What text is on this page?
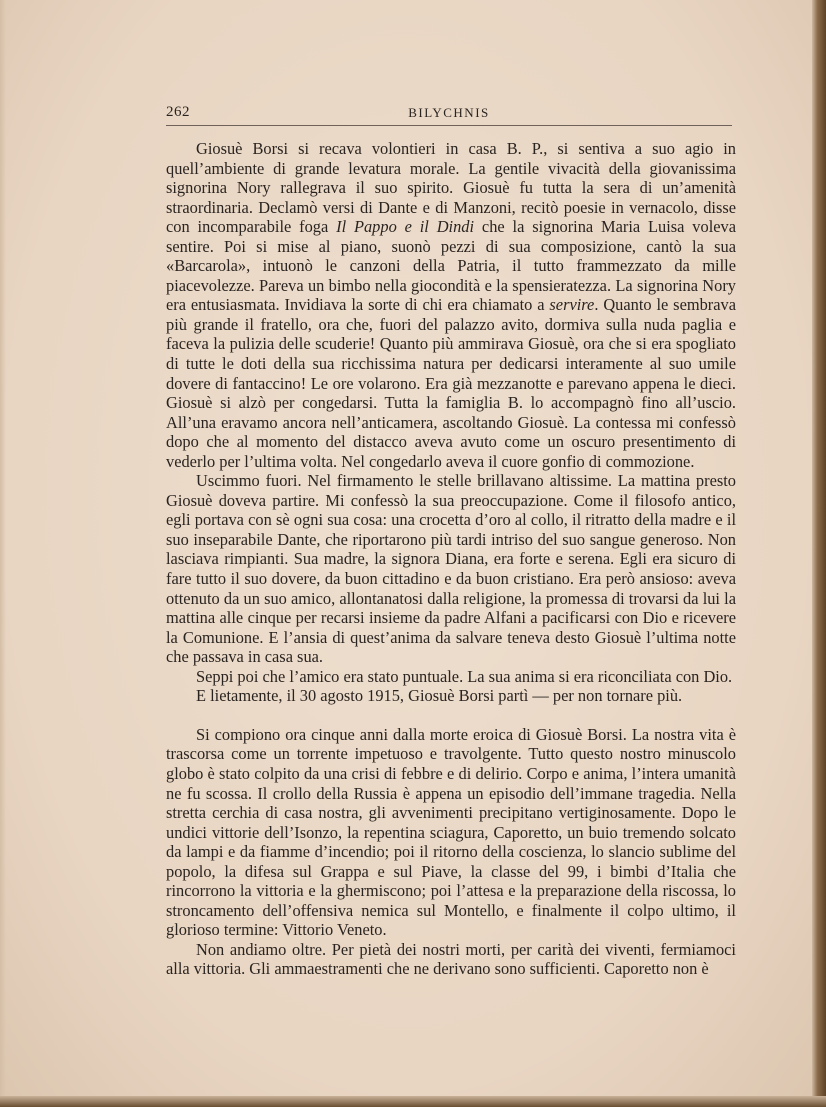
262	BILYCHNIS

Giosuè Borsi si recava volontieri in casa B. P., si sentiva a suo agio in quell’ambiente di grande levatura morale. La gentile vivacità della giovanissima signorina Nory rallegrava il suo spirito. Giosuè fu tutta la sera di un’amenità straordinaria. Declamò versi di Dante e di Manzoni, recitò poesie in vernacolo, disse con incomparabile foga Il Pappo e il Dindi che la signorina Maria Luisa voleva sentire. Poi si mise al piano, suonò pezzi di sua composizione, cantò la sua «Barcarola», intuonò le canzoni della Patria, il tutto frammezzato da mille piacevolezze. Pareva un bimbo nella giocondità e la spensieratezza. La signorina Nory era entusiasmata. Invidiava la sorte di chi era chiamato a servire. Quanto le sembrava più grande il fratello, ora che, fuori del palazzo avito, dormiva sulla nuda paglia e faceva la pulizia delle scuderie! Quanto più ammirava Giosuè, ora che si era spogliato di tutte le doti della sua ricchissima natura per dedicarsi interamente al suo umile dovere di fantaccino! Le ore volarono. Era già mezzanotte e parevano appena le dieci. Giosuè si alzò per congedarsi. Tutta la famiglia B. lo accompagnò fino all’uscio. All’una eravamo ancora nell’anticamera, ascoltando Giosuè. La contessa mi confessò dopo che al momento del distacco aveva avuto come un oscuro presentimento di vederlo per l’ultima volta. Nel congedarlo aveva il cuore gonfio di commozione.

Uscimmo fuori. Nel firmamento le stelle brillavano altissime. La mattina presto Giosuè doveva partire. Mi confessò la sua preoccupazione. Come il filosofo antico, egli portava con sè ogni sua cosa: una crocetta d’oro al collo, il ritratto della madre e il suo inseparabile Dante, che riportarono più tardi intriso del suo sangue generoso. Non lasciava rimpianti. Sua madre, la signora Diana, era forte e serena. Egli era sicuro di fare tutto il suo dovere, da buon cittadino e da buon cristiano. Era però ansioso: aveva ottenuto da un suo amico, allontanatosi dalla religione, la promessa di trovarsi da lui la mattina alle cinque per recarsi insieme da padre Alfani a pacificarsi con Dio e ricevere la Comunione. E l’ansia di quest’anima da salvare teneva desto Giosuè l’ultima notte che passava in casa sua.

Seppi poi che l’amico era stato puntuale. La sua anima si era riconciliata con Dio.

E lietamente, il 30 agosto 1915, Giosuè Borsi partì — per non tornare più.

Si compiono ora cinque anni dalla morte eroica di Giosuè Borsi. La nostra vita è trascorsa come un torrente impetuoso e travolgente. Tutto questo nostro minuscolo globo è stato colpito da una crisi di febbre e di delirio. Corpo e anima, l’intera umanità ne fu scossa. Il crollo della Russia è appena un episodio dell’immane tragedia. Nella stretta cerchia di casa nostra, gli avvenimenti precipitano vertiginosamente. Dopo le undici vittorie dell’Isonzo, la repentina sciagura, Caporetto, un buio tremendo solcato da lampi e da fiamme d’incendio; poi il ritorno della coscienza, lo slancio sublime del popolo, la difesa sul Grappa e sul Piave, la classe del 99, i bimbi d’Italia che rincorrono la vittoria e la ghermiscono; poi l’attesa e la preparazione della riscossa, lo stroncamento dell’offensiva nemica sul Montello, e finalmente il colpo ultimo, il glorioso termine: Vittorio Veneto.

Non andiamo oltre. Per pietà dei nostri morti, per carità dei viventi, fermiamoci alla vittoria. Gli ammaestramenti che ne derivano sono sufficienti. Caporetto non è
